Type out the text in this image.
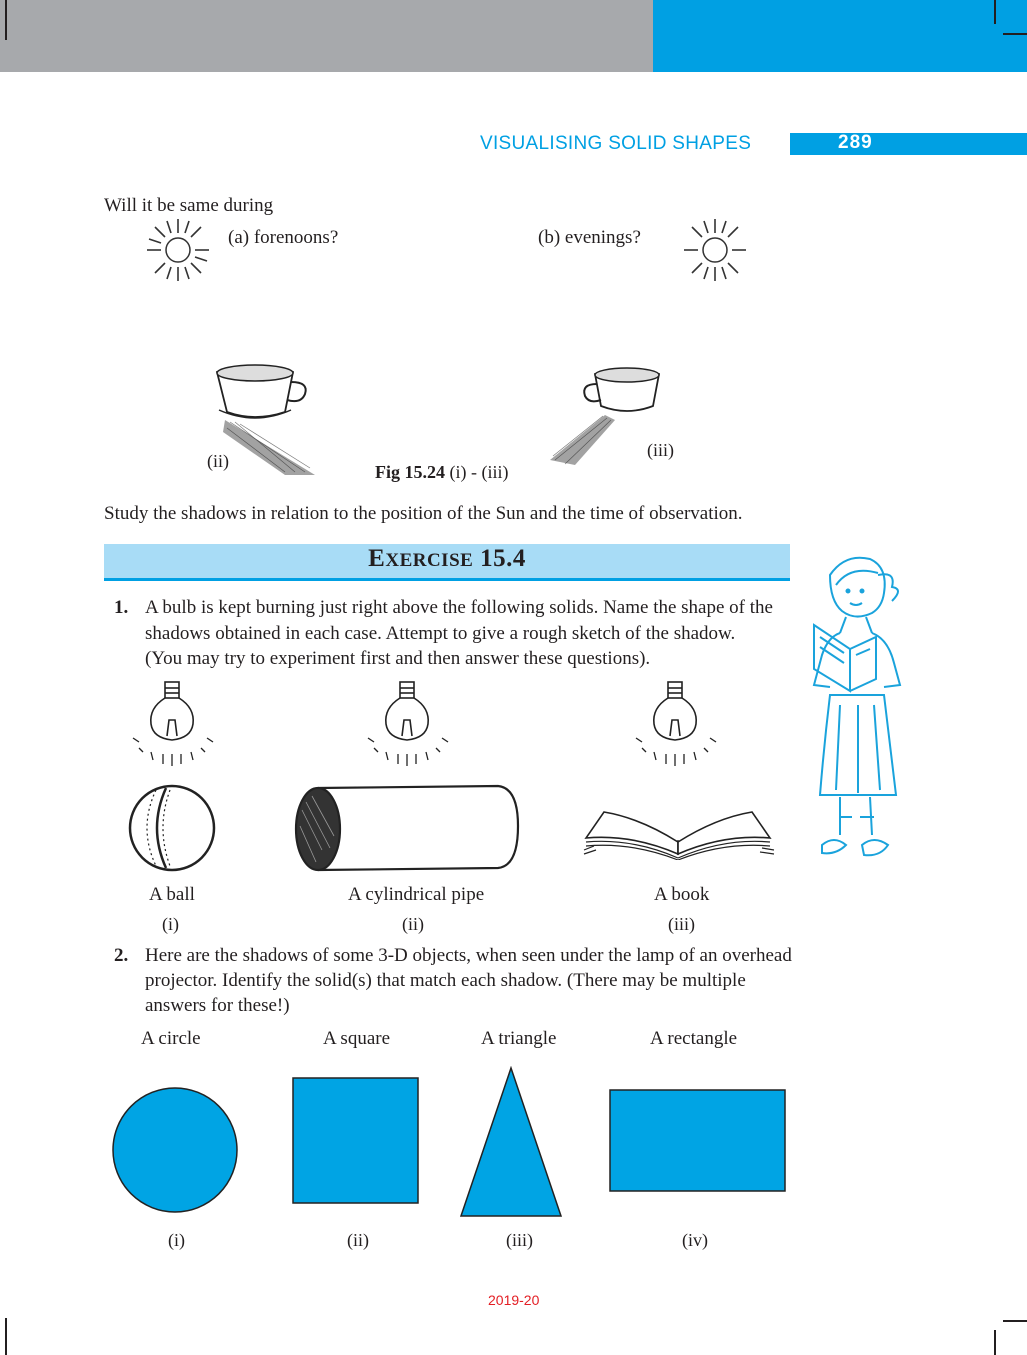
VISUALISING SOLID SHAPES	289
Will it be same during
(a) forenoons?	(b) evenings?
(ii)
Fig 15.24 (i) - (iii)
(iii)
Study the shadows in relation to the position of the Sun and the time of observation.
EXERCISE 15.4
1. A bulb is kept burning just right above the following solids. Name the shape of the
shadows obtained in each case. Attempt to give a rough sketch of the shadow.
(You may try to experiment first and then answer these questions).
A ball
(i)
A cylindrical pipe
(ii)
A book
(iii)
2. Here are the shadows of some 3-D objects, when seen under the lamp of an overhead
projector. Identify the solid(s) that match each shadow. (There may be multiple
answers for these!)
A circle	A square	A triangle	A rectangle
(i)	(ii)	(iii)	(iv)
2019-20
